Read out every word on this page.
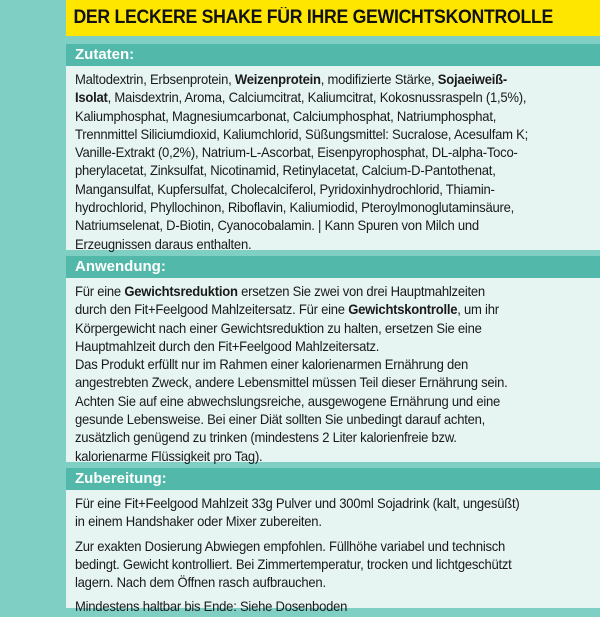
DER LECKERE SHAKE FÜR IHRE GEWICHTSKONTROLLE
Zutaten:
Maltodextrin, Erbsenprotein, Weizenprotein, modifizierte Stärke, Sojaeiweiß-
Isolat, Maisdextrin, Aroma, Calciumcitrat, Kaliumcitrat, Kokosnussraspeln (1,5%),
Kaliumphosphat, Magnesiumcarbonat, Calciumphosphat, Natriumphosphat,
Trennmittel Siliciumdioxid, Kaliumchlorid, Süßungsmittel: Sucralose, Acesulfam K;
Vanille-Extrakt (0,2%), Natrium-L-Ascorbat, Eisenpyrophosphat, DL-alpha-Toco-
pherylacetat, Zinksulfat, Nicotinamid, Retinylacetat, Calcium-D-Pantothenat,
Mangansulfat, Kupfersulfat, Cholecalciferol, Pyridoxinhydrochlorid, Thiamin-
hydrochlorid, Phyllochinon, Riboflavin, Kaliumiodid, Pteroylmonoglutaminsäure,
Natriumselenat, D-Biotin, Cyanocobalamin. | Kann Spuren von Milch und
Erzeugnissen daraus enthalten.
Anwendung:
Für eine Gewichtsreduktion ersetzen Sie zwei von drei Hauptmahlzeiten
durch den Fit+Feelgood Mahlzeitersatz. Für eine Gewichtskontrolle, um ihr
Körpergewicht nach einer Gewichtsreduktion zu halten, ersetzen Sie eine
Hauptmahlzeit durch den Fit+Feelgood Mahlzeitersatz.
Das Produkt erfüllt nur im Rahmen einer kalorienarmen Ernährung den
angestrebten Zweck, andere Lebensmittel müssen Teil dieser Ernährung sein.
Achten Sie auf eine abwechslungsreiche, ausgewogene Ernährung und eine
gesunde Lebensweise. Bei einer Diät sollten Sie unbedingt darauf achten,
zusätzlich genügend zu trinken (mindestens 2 Liter kalorienfreie bzw.
kalorienarme Flüssigkeit pro Tag).
Zubereitung:

Für eine Fit+Feelgood Mahlzeit 33g Pulver und 300ml Sojadrink (kalt, ungesüßt)
in einem Handshaker oder Mixer zubereiten.

Zur exakten Dosierung Abwiegen empfohlen. Füllhöhe variabel und technisch
bedingt. Gewicht kontrolliert. Bei Zimmertemperatur, trocken und lichtgeschützt
lagern. Nach dem Öffnen rasch aufbrauchen.

Mindestens haltbar bis Ende: Siehe Dosenboden
